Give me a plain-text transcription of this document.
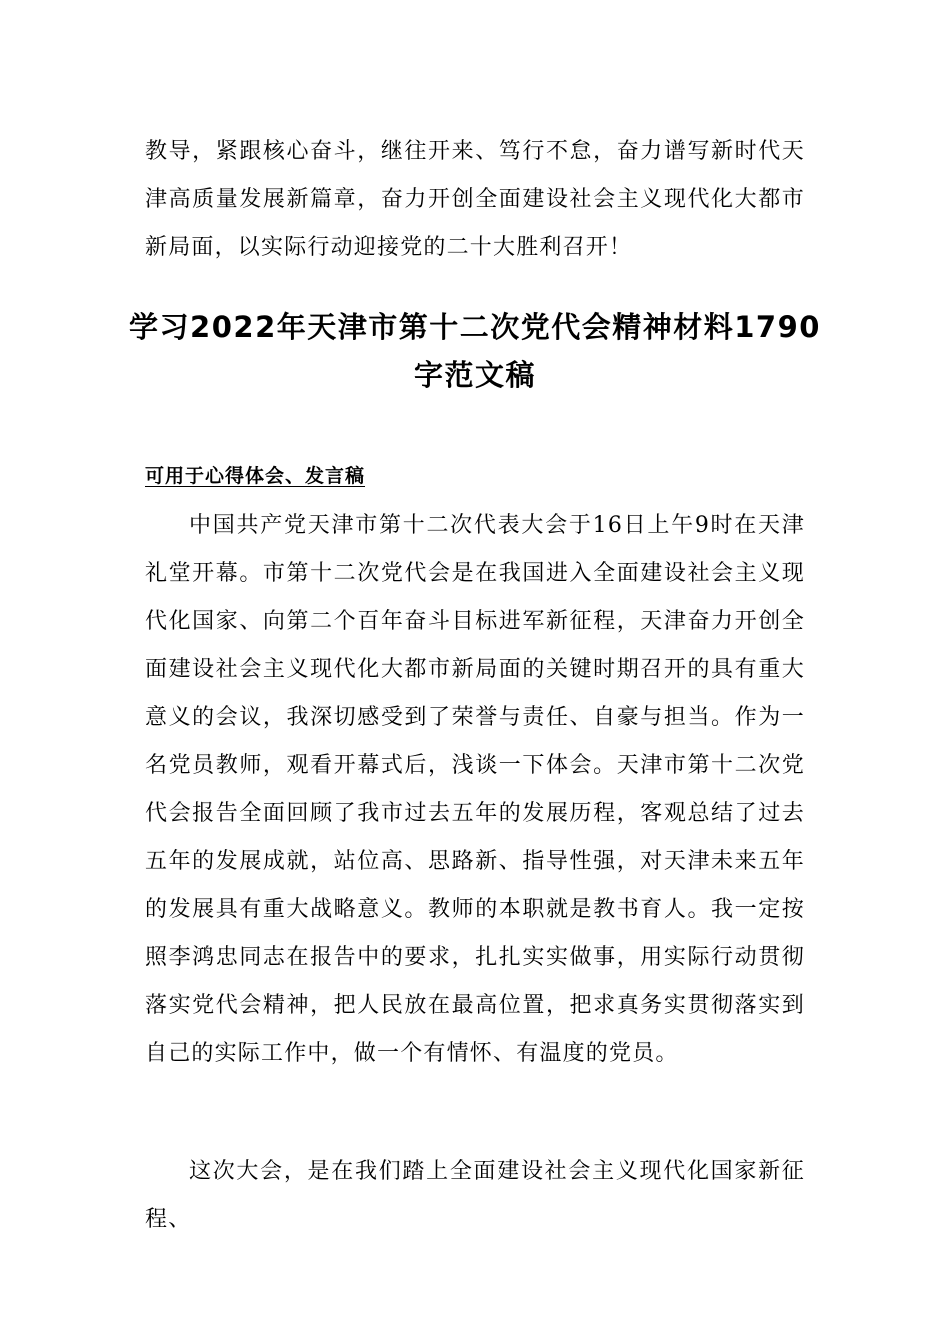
教导，紧跟核心奋斗，继往开来、笃行不怠，奋力谱写新时代天津高质量发展新篇章，奋力开创全面建设社会主义现代化大都市新局面，以实际行动迎接党的二十大胜利召开！
学习2022年天津市第十二次党代会精神材料1790字范文稿
可用于心得体会、发言稿
中国共产党天津市第十二次代表大会于16日上午9时在天津礼堂开幕。市第十二次党代会是在我国进入全面建设社会主义现代化国家、向第二个百年奋斗目标进军新征程，天津奋力开创全面建设社会主义现代化大都市新局面的关键时期召开的具有重大意义的会议，我深切感受到了荣誉与责任、自豪与担当。作为一名党员教师，观看开幕式后，浅谈一下体会。天津市第十二次党代会报告全面回顾了我市过去五年的发展历程，客观总结了过去五年的发展成就，站位高、思路新、指导性强，对天津未来五年的发展具有重大战略意义。教师的本职就是教书育人。我一定按照李鸿忠同志在报告中的要求，扎扎实实做事，用实际行动贯彻落实党代会精神，把人民放在最高位置，把求真务实贯彻落实到自己的实际工作中，做一个有情怀、有温度的党员。
这次大会，是在我们踏上全面建设社会主义现代化国家新征程、
